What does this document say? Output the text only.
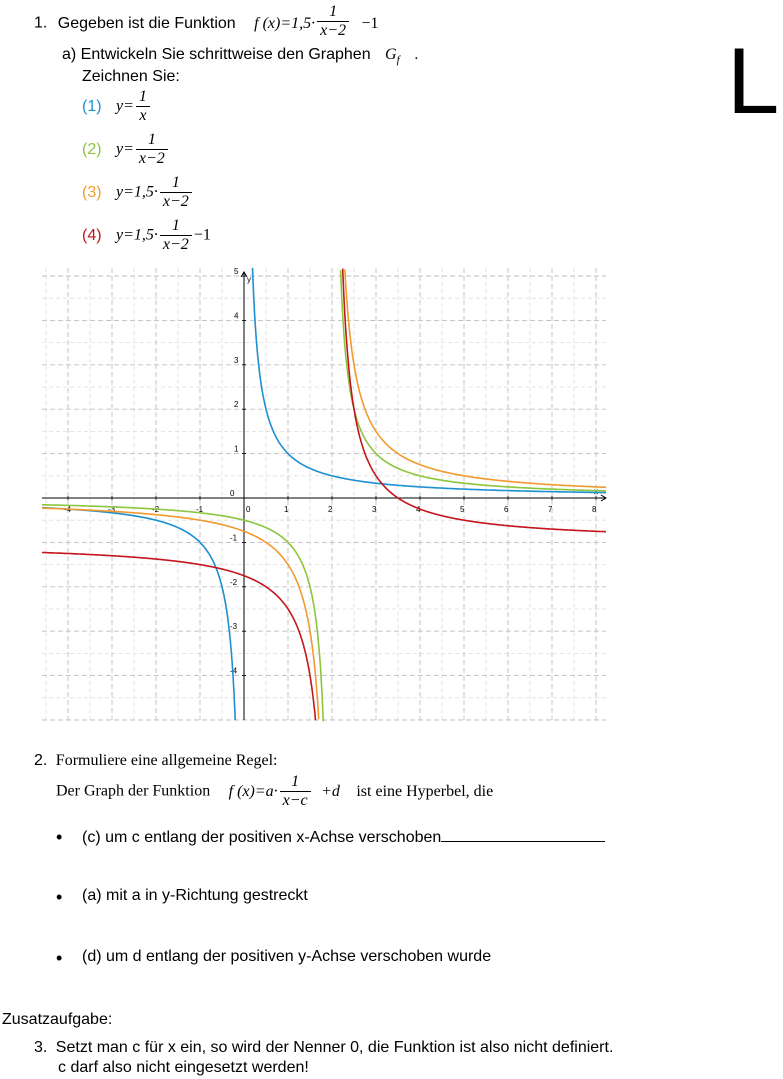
1. Gegeben ist die Funktion f $(x)=1,5\cdot \frac{1}{x-2} -1$
L
a) Entwickeln Sie schrittweise den Graphen $G_f$ .
Zeichnen Sie:
(1) $y= \frac{1}{x}$
(2) $y= \frac{1}{x-2}$
(3) $y=1,5\cdot \frac{1}{x-2}$
(4) $y=1,5\cdot \frac{1}{x-2} -1$
x
y
-4	-3	-2	-1	0	1	2	3	4	5	6	7	8
0
-4
-3
-2
-1
1
2
3
4
5
2. Formuliere eine allgemeine Regel:
Der Graph der Funktion f $(x)=a\cdot \frac{1}{x-c} +d$ ist eine Hyperbel, die
• (c) um c entlang der positiven x-Achse verschoben
• (a) mit a in y-Richtung gestreckt
• (d) um d entlang der positiven y-Achse verschoben wurde
Zusatzaufgabe:
3. Setzt man c für x ein, so wird der Nenner 0, die Funktion ist also nicht definiert.
c darf also nicht eingesetzt werden!
